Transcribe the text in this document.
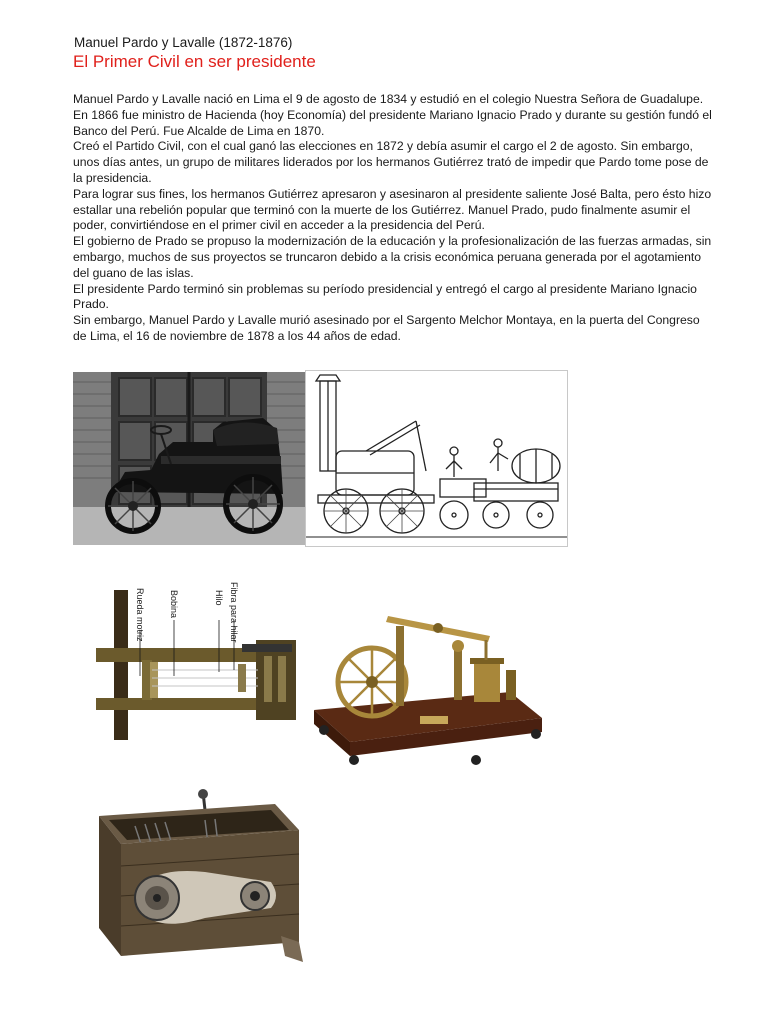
Manuel Pardo y Lavalle (1872-1876)
El Primer Civil en ser presidente

Manuel Pardo y Lavalle nació en Lima el 9 de agosto de 1834 y estudió en el colegio Nuestra Señora de Guadalupe.

En 1866 fue ministro de Hacienda (hoy Economía) del presidente Mariano Ignacio Prado y durante su gestión fundó el Banco del Perú. Fue Alcalde de Lima en 1870.

Creó el Partido Civil, con el cual ganó las elecciones en 1872 y debía asumir el cargo el 2 de agosto. Sin embargo, unos días antes, un grupo de militares liderados por los hermanos Gutiérrez trató de impedir que Pardo tome pose de la presidencia.

Para lograr sus fines, los hermanos Gutiérrez apresaron y asesinaron al presidente saliente José Balta, pero ésto hizo estallar una rebelión popular que terminó con la muerte de los Gutiérrez. Manuel Prado, pudo finalmente asumir el poder, convirtiéndose en el primer civil en acceder a la presidencia del Perú.

El gobierno de Prado se propuso la modernización de la educación y la profesionalización de las fuerzas armadas, sin embargo, muchos de sus proyectos se truncaron debido a la crisis económica peruana generada por el agotamiento del guano de las islas.

El presidente Pardo terminó sin problemas su período presidencial y entregó el cargo al presidente Mariano Ignacio Prado.

Sin embargo, Manuel Pardo y Lavalle murió asesinado por el Sargento Melchor Montaya, en la puerta del Congreso de Lima, el 16 de noviembre de 1878 a los 44 años de edad.

Rueda motriz	Bobina	Hilo Fibra para hilar
